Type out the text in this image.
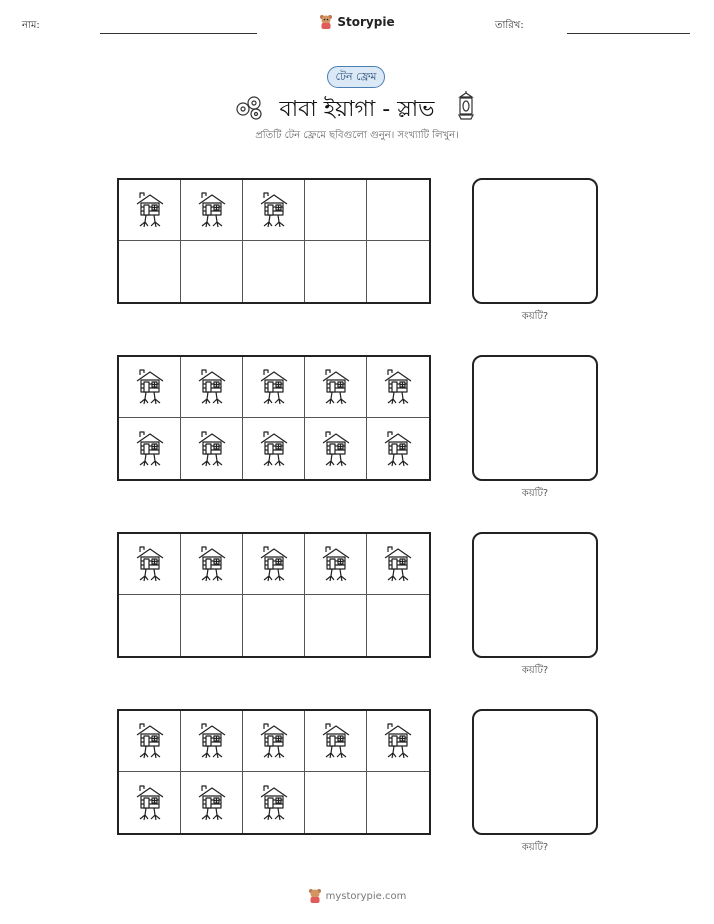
নাম:	Storypie	তারিখ:
টেন ফ্রেম
বাবা ইয়াগা - স্লাভ
প্রতিটি টেন ফ্রেমে ছবিগুলো গুনুন। সংখ্যাটি লিখুন।
কয়টি?
কয়টি?
কয়টি?
কয়টি?
mystorypie.com
